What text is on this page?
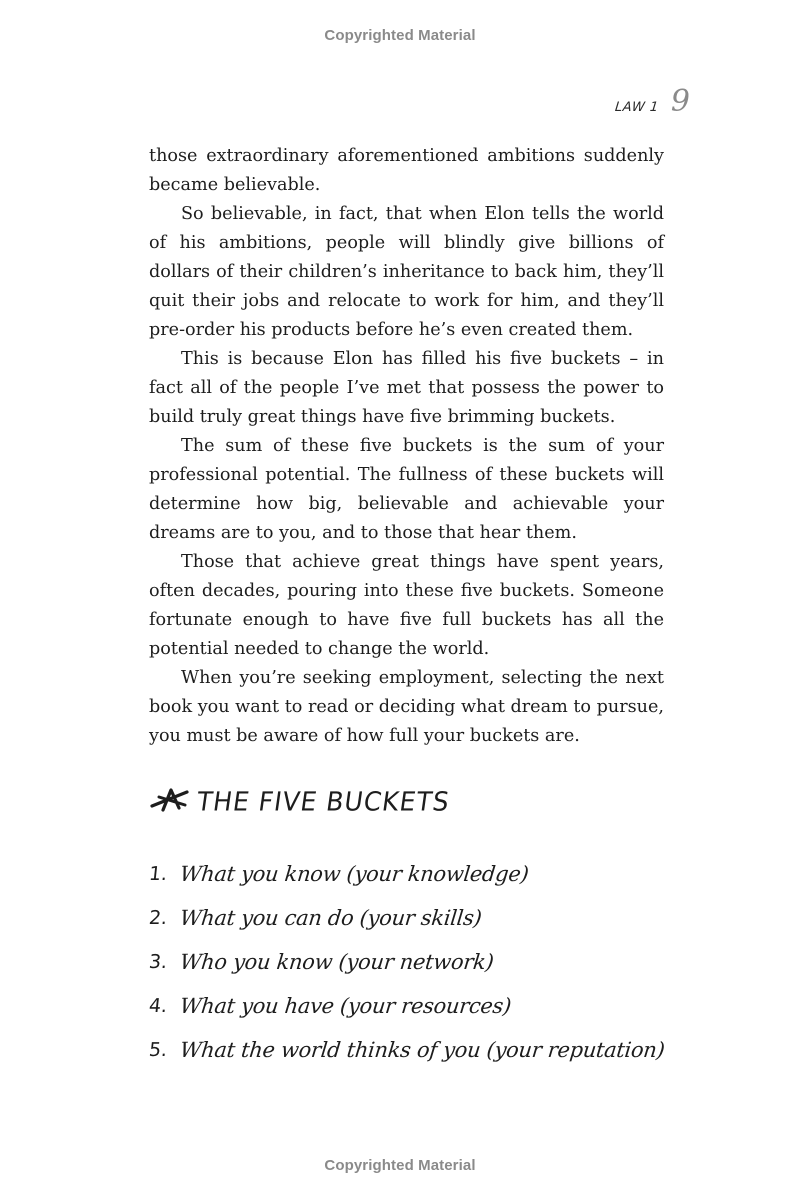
Copyrighted Material
LAW 1 9

those extraordinary aforementioned ambitions suddenly became believable.

So believable, in fact, that when Elon tells the world of his ambitions, people will blindly give billions of dollars of their children’s inheritance to back him, they’ll quit their jobs and relocate to work for him, and they’ll pre-order his products before he’s even created them.

This is because Elon has filled his five buckets – in fact all of the people I’ve met that possess the power to build truly great things have five brimming buckets.

The sum of these five buckets is the sum of your professional potential. The fullness of these buckets will determine how big, believable and achievable your dreams are to you, and to those that hear them.

Those that achieve great things have spent years, often decades, pouring into these five buckets. Someone fortunate enough to have five full buckets has all the potential needed to change the world.

When you’re seeking employment, selecting the next book you want to read or deciding what dream to pursue, you must be aware of how full your buckets are.

THE FIVE BUCKETS
1. What you know (your knowledge)
2. What you can do (your skills)
3. Who you know (your network)
4. What you have (your resources)
5. What the world thinks of you (your reputation)
Copyrighted Material
